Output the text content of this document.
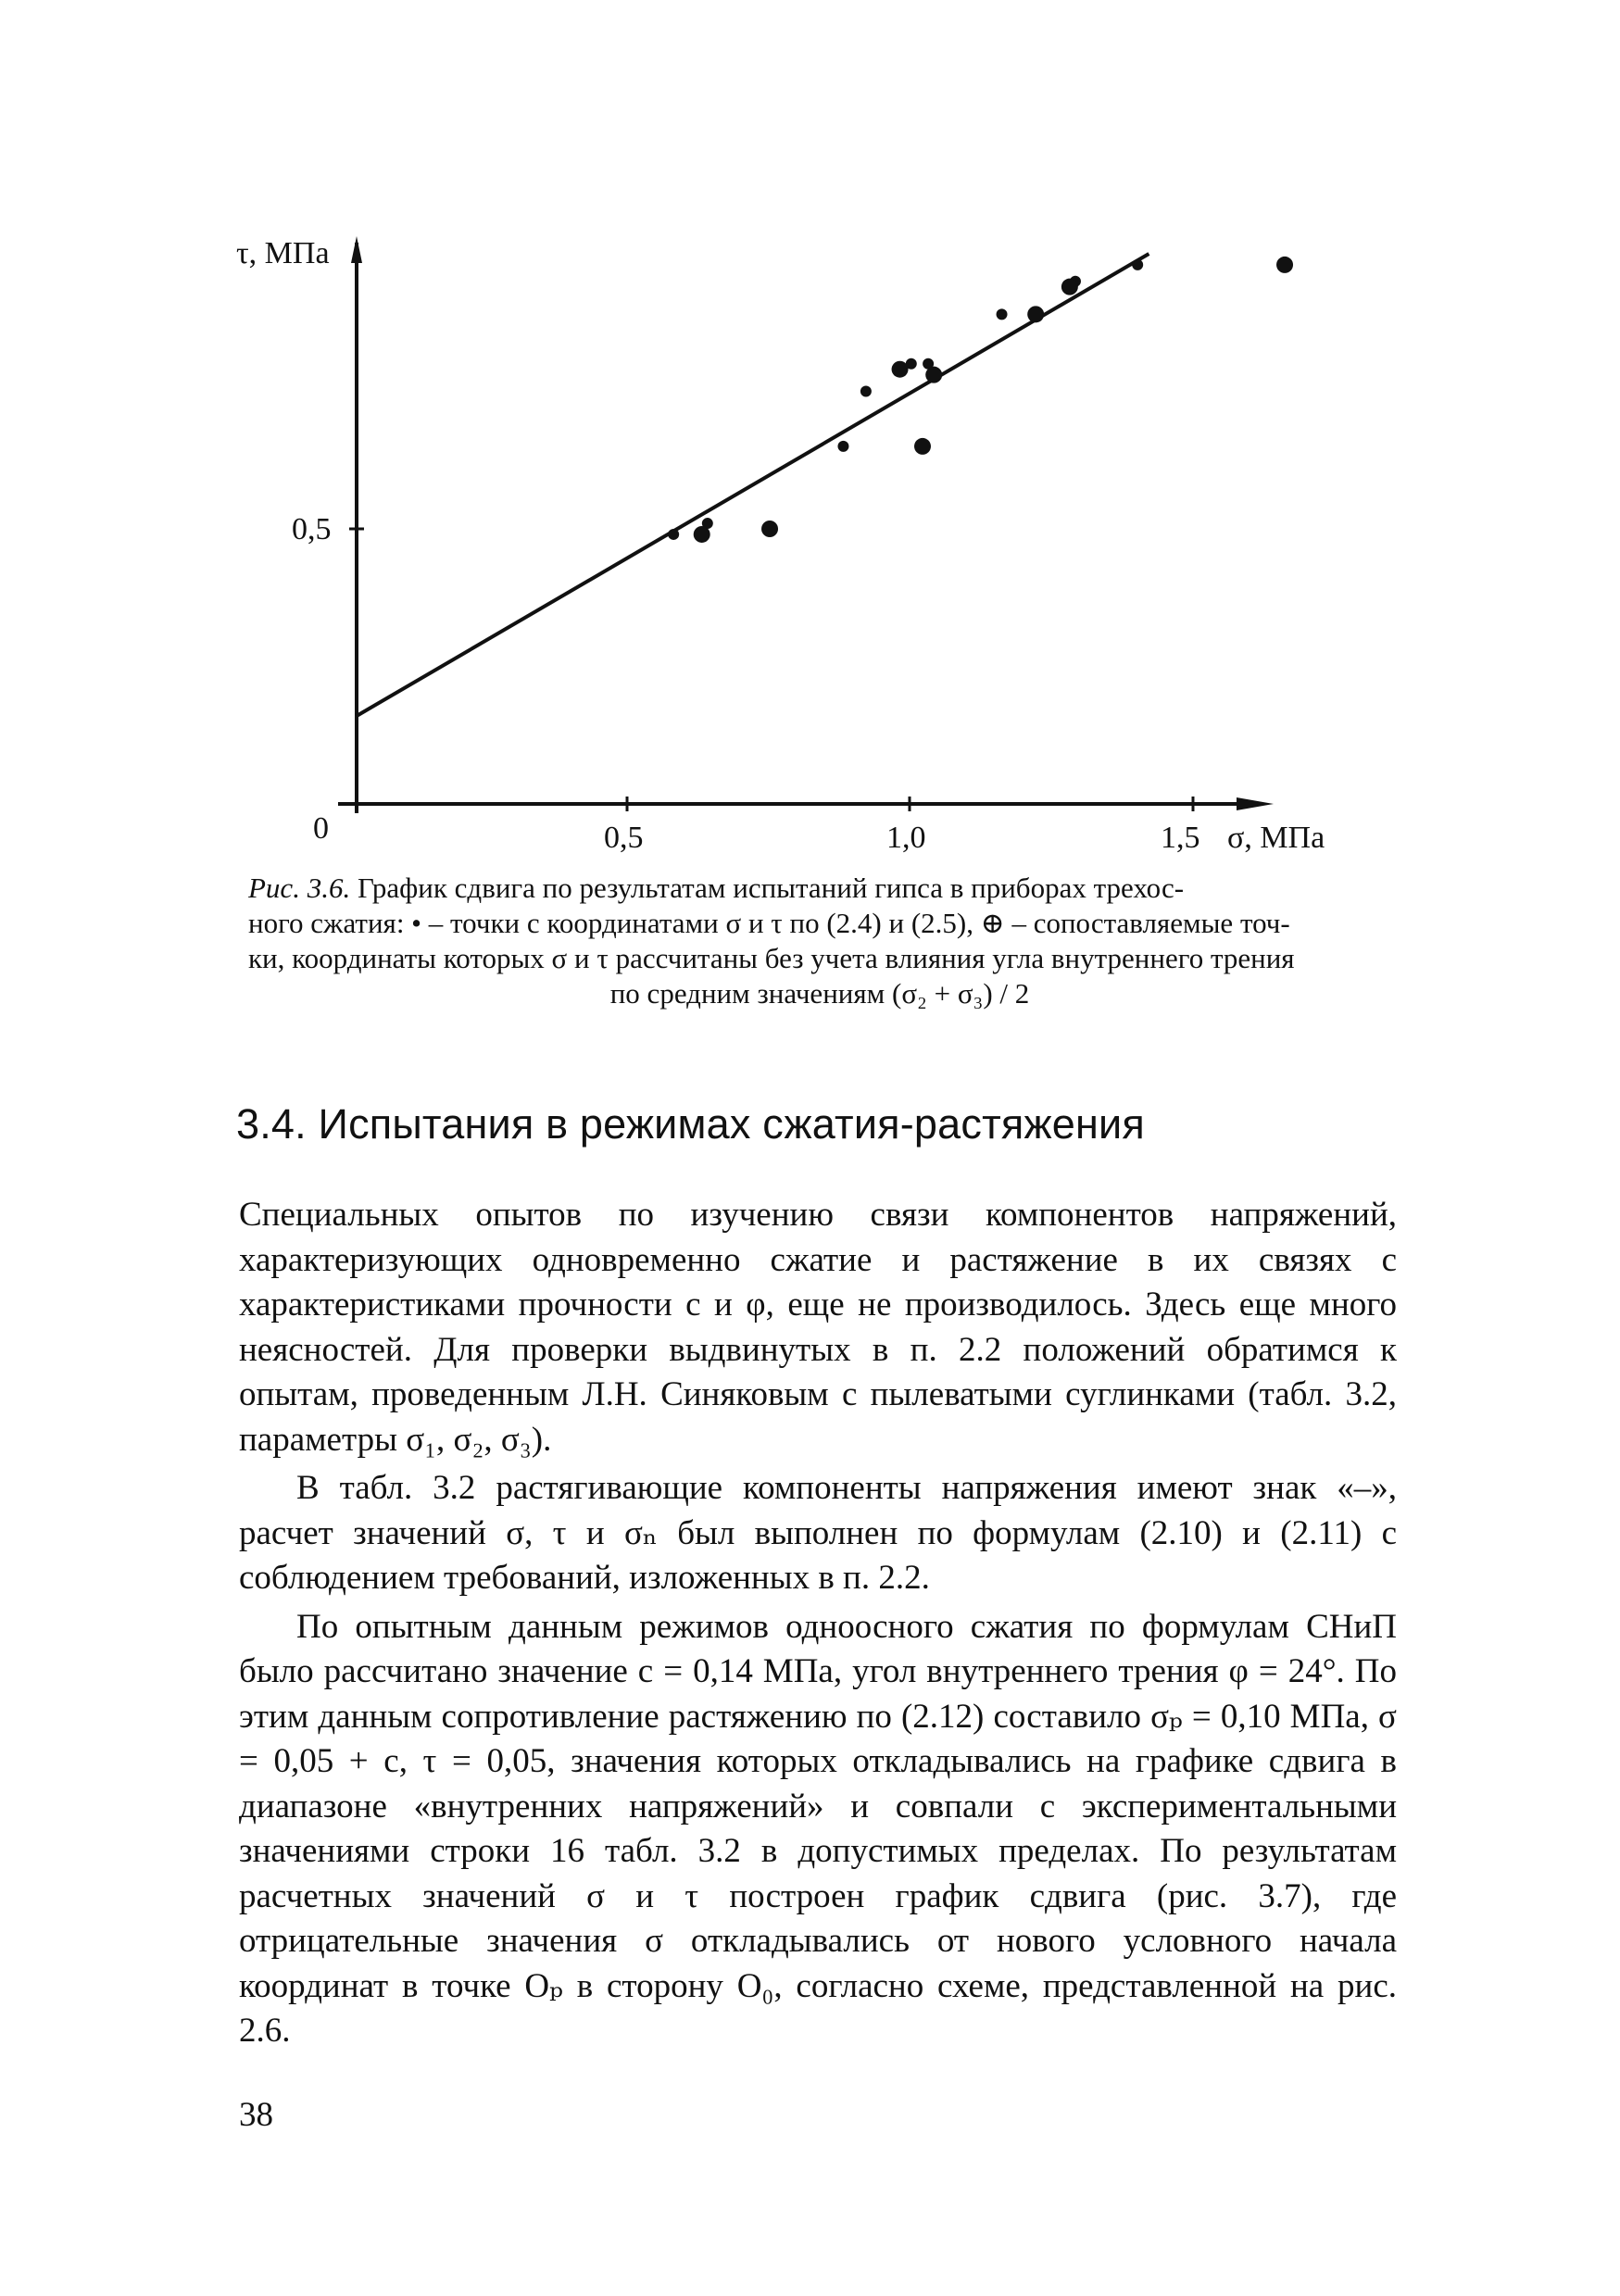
τ, МПа
0,5
0	0,5	1,0	1,5 σ, МПа

Рис. 3.6. График сдвига по результатам испытаний гипса в приборах трехос-

ного сжатия: • – точки с координатами σ и τ по (2.4) и (2.5), ⊕ – сопоставляемые точ-

ки, координаты которых σ и τ рассчитаны без учета влияния угла внутреннего трения

по средним значениям (σ₂ + σ₃) / 2

3.4. Испытания в режимах сжатия-растяжения

Специальных опытов по изучению связи компонентов напряжений, характеризующих одновременно сжатие и растяжение в их связях с характеристиками прочности с и φ, еще не производилось. Здесь еще много неясностей. Для проверки выдвинутых в п. 2.2 положений обратимся к опытам, проведенным Л.Н. Синяковым с пылеватыми суглинками (табл. 3.2, параметры σ₁, σ₂, σ₃).

В табл. 3.2 растягивающие компоненты напряжения имеют знак «–», расчет значений σ, τ и σₙ был выполнен по формулам (2.10) и (2.11) с соблюдением требований, изложенных в п. 2.2.

По опытным данным режимов одноосного сжатия по формулам СНиП было рассчитано значение с = 0,14 МПа, угол внутреннего трения φ = 24°. По этим данным сопротивление растяжению по (2.12) составило σₚ = 0,10 МПа, σ = 0,05 + с, τ = 0,05, значения которых откладывались на графике сдвига в диапазоне «внутренних напряжений» и совпали с экспериментальными значениями строки 16 табл. 3.2 в допустимых пределах. По результатам расчетных значений σ и τ построен график сдвига (рис. 3.7), где отрицательные значения σ откладывались от нового условного начала координат в точке Oₚ в сторону O₀, согласно схеме, представленной на рис. 2.6.

38
